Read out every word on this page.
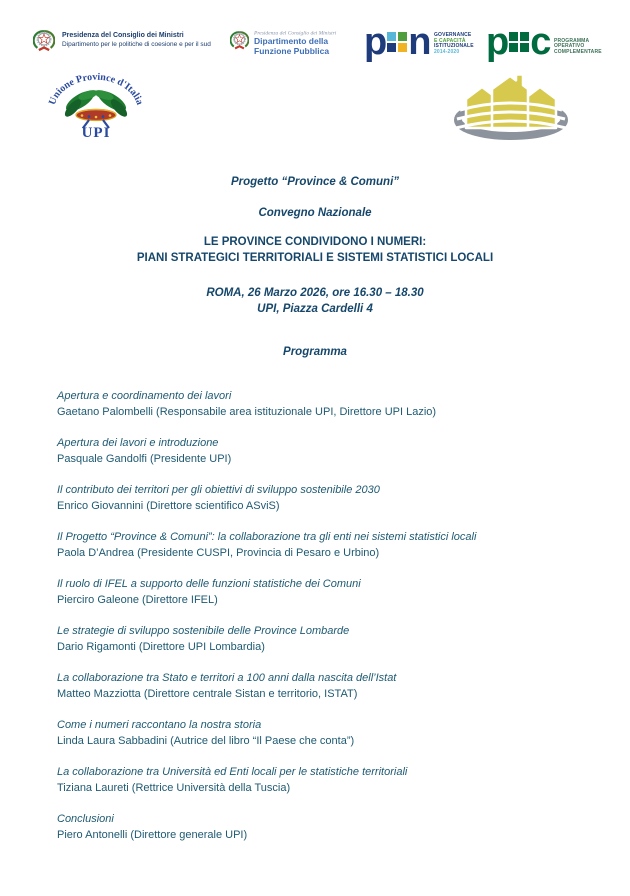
Presidenza del Consiglio dei Ministri
Dipartimento per le politiche di coesione e per il sud
Presidenza del Consiglio dei Ministri
Dipartimento della
Funzione Pubblica p n GOVERNANCE
E CAPACITÀ
ISTITUZIONALE
2014-2020 p c PROGRAMMA
OPERATIVO
COMPLEMENTARE
Unione Province d'Italia
UPI
Progetto “Province & Comuni”
Convegno Nazionale
LE PROVINCE CONDIVIDONO I NUMERI:
PIANI STRATEGICI TERRITORIALI E SISTEMI STATISTICI LOCALI
ROMA, 26 Marzo 2026, ore 16.30 – 18.30
UPI, Piazza Cardelli 4
Programma
Apertura e coordinamento dei lavori
Gaetano Palombelli (Responsabile area istituzionale UPI, Direttore UPI Lazio)
Apertura dei lavori e introduzione
Pasquale Gandolfi (Presidente UPI)
Il contributo dei territori per gli obiettivi di sviluppo sostenibile 2030
Enrico Giovannini (Direttore scientifico ASviS)
Il Progetto “Province & Comuni”: la collaborazione tra gli enti nei sistemi statistici locali
Paola D’Andrea (Presidente CUSPI, Provincia di Pesaro e Urbino)
Il ruolo di IFEL a supporto delle funzioni statistiche dei Comuni
Pierciro Galeone (Direttore IFEL)
Le strategie di sviluppo sostenibile delle Province Lombarde
Dario Rigamonti (Direttore UPI Lombardia)
La collaborazione tra Stato e territori a 100 anni dalla nascita dell’Istat
Matteo Mazziotta (Direttore centrale Sistan e territorio, ISTAT)
Come i numeri raccontano la nostra storia
Linda Laura Sabbadini (Autrice del libro “Il Paese che conta”)
La collaborazione tra Università ed Enti locali per le statistiche territoriali
Tiziana Laureti (Rettrice Università della Tuscia)
Conclusioni
Piero Antonelli (Direttore generale UPI)
